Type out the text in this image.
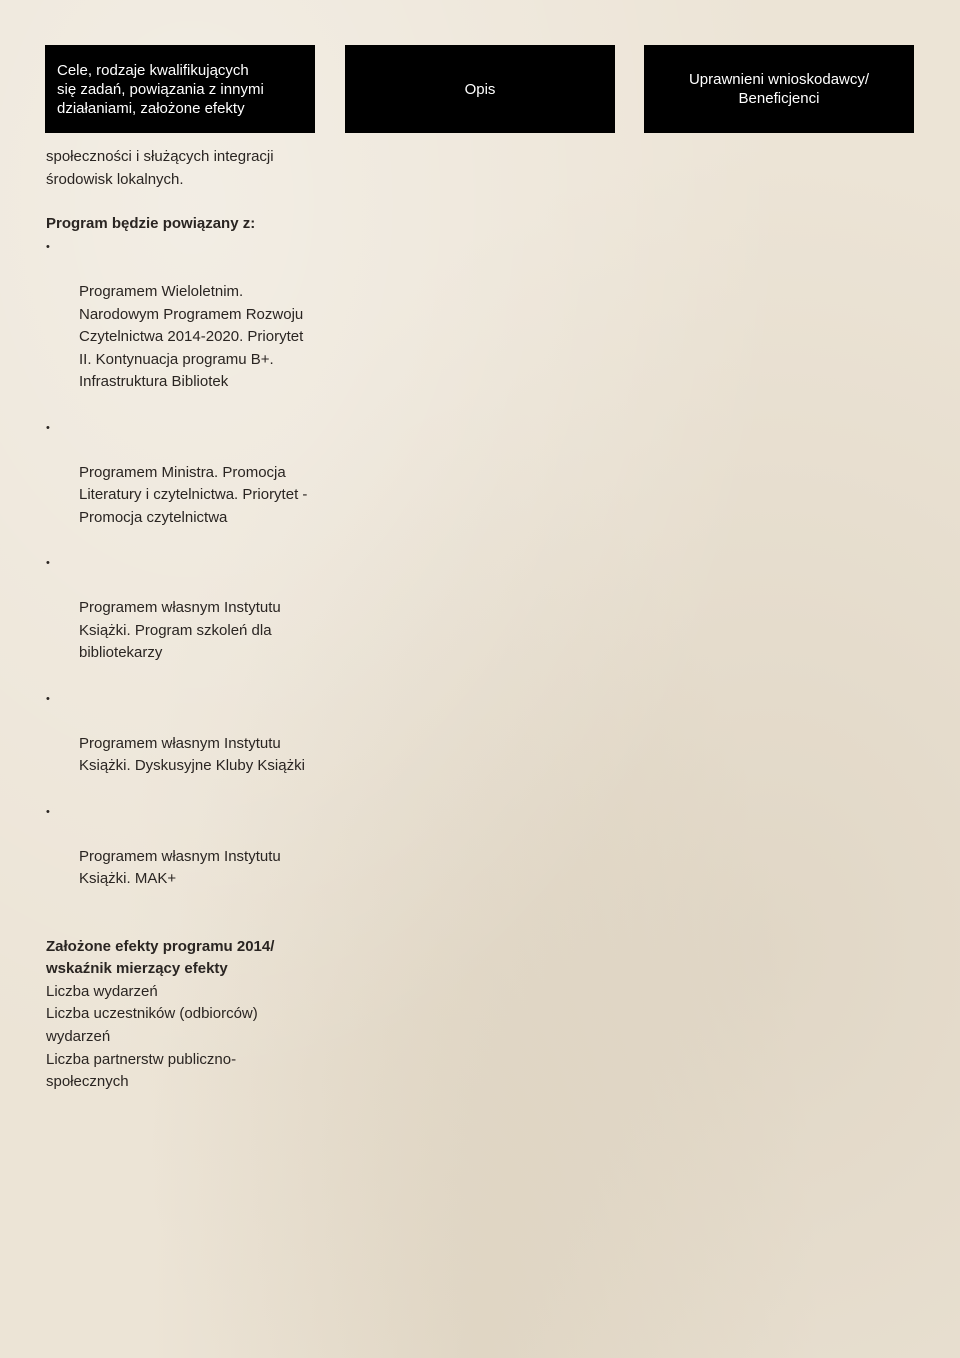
Cele, rodzaje kwalifikujących
się zadań, powiązania z innymi
działaniami, założone efekty
Opis
Uprawnieni wnioskodawcy/
Beneficjenci

społeczności i służących integracji
środowisk lokalnych.

Program będzie powiązany z:

•

Programem Wieloletnim.
Narodowym Programem Rozwoju
Czytelnictwa 2014-2020. Priorytet
II. Kontynuacja programu B+.
Infrastruktura Bibliotek

•

Programem Ministra. Promocja
Literatury i czytelnictwa. Priorytet -
Promocja czytelnictwa

•

Programem własnym Instytutu
Książki. Program szkoleń dla
bibliotekarzy

•

Programem własnym Instytutu
Książki. Dyskusyjne Kluby Książki

•

Programem własnym Instytutu
Książki. MAK+

Założone efekty programu 2014/
wskaźnik mierzący efekty

Liczba wydarzeń

Liczba uczestników (odbiorców)
wydarzeń

Liczba partnerstw publiczno-
społecznych
